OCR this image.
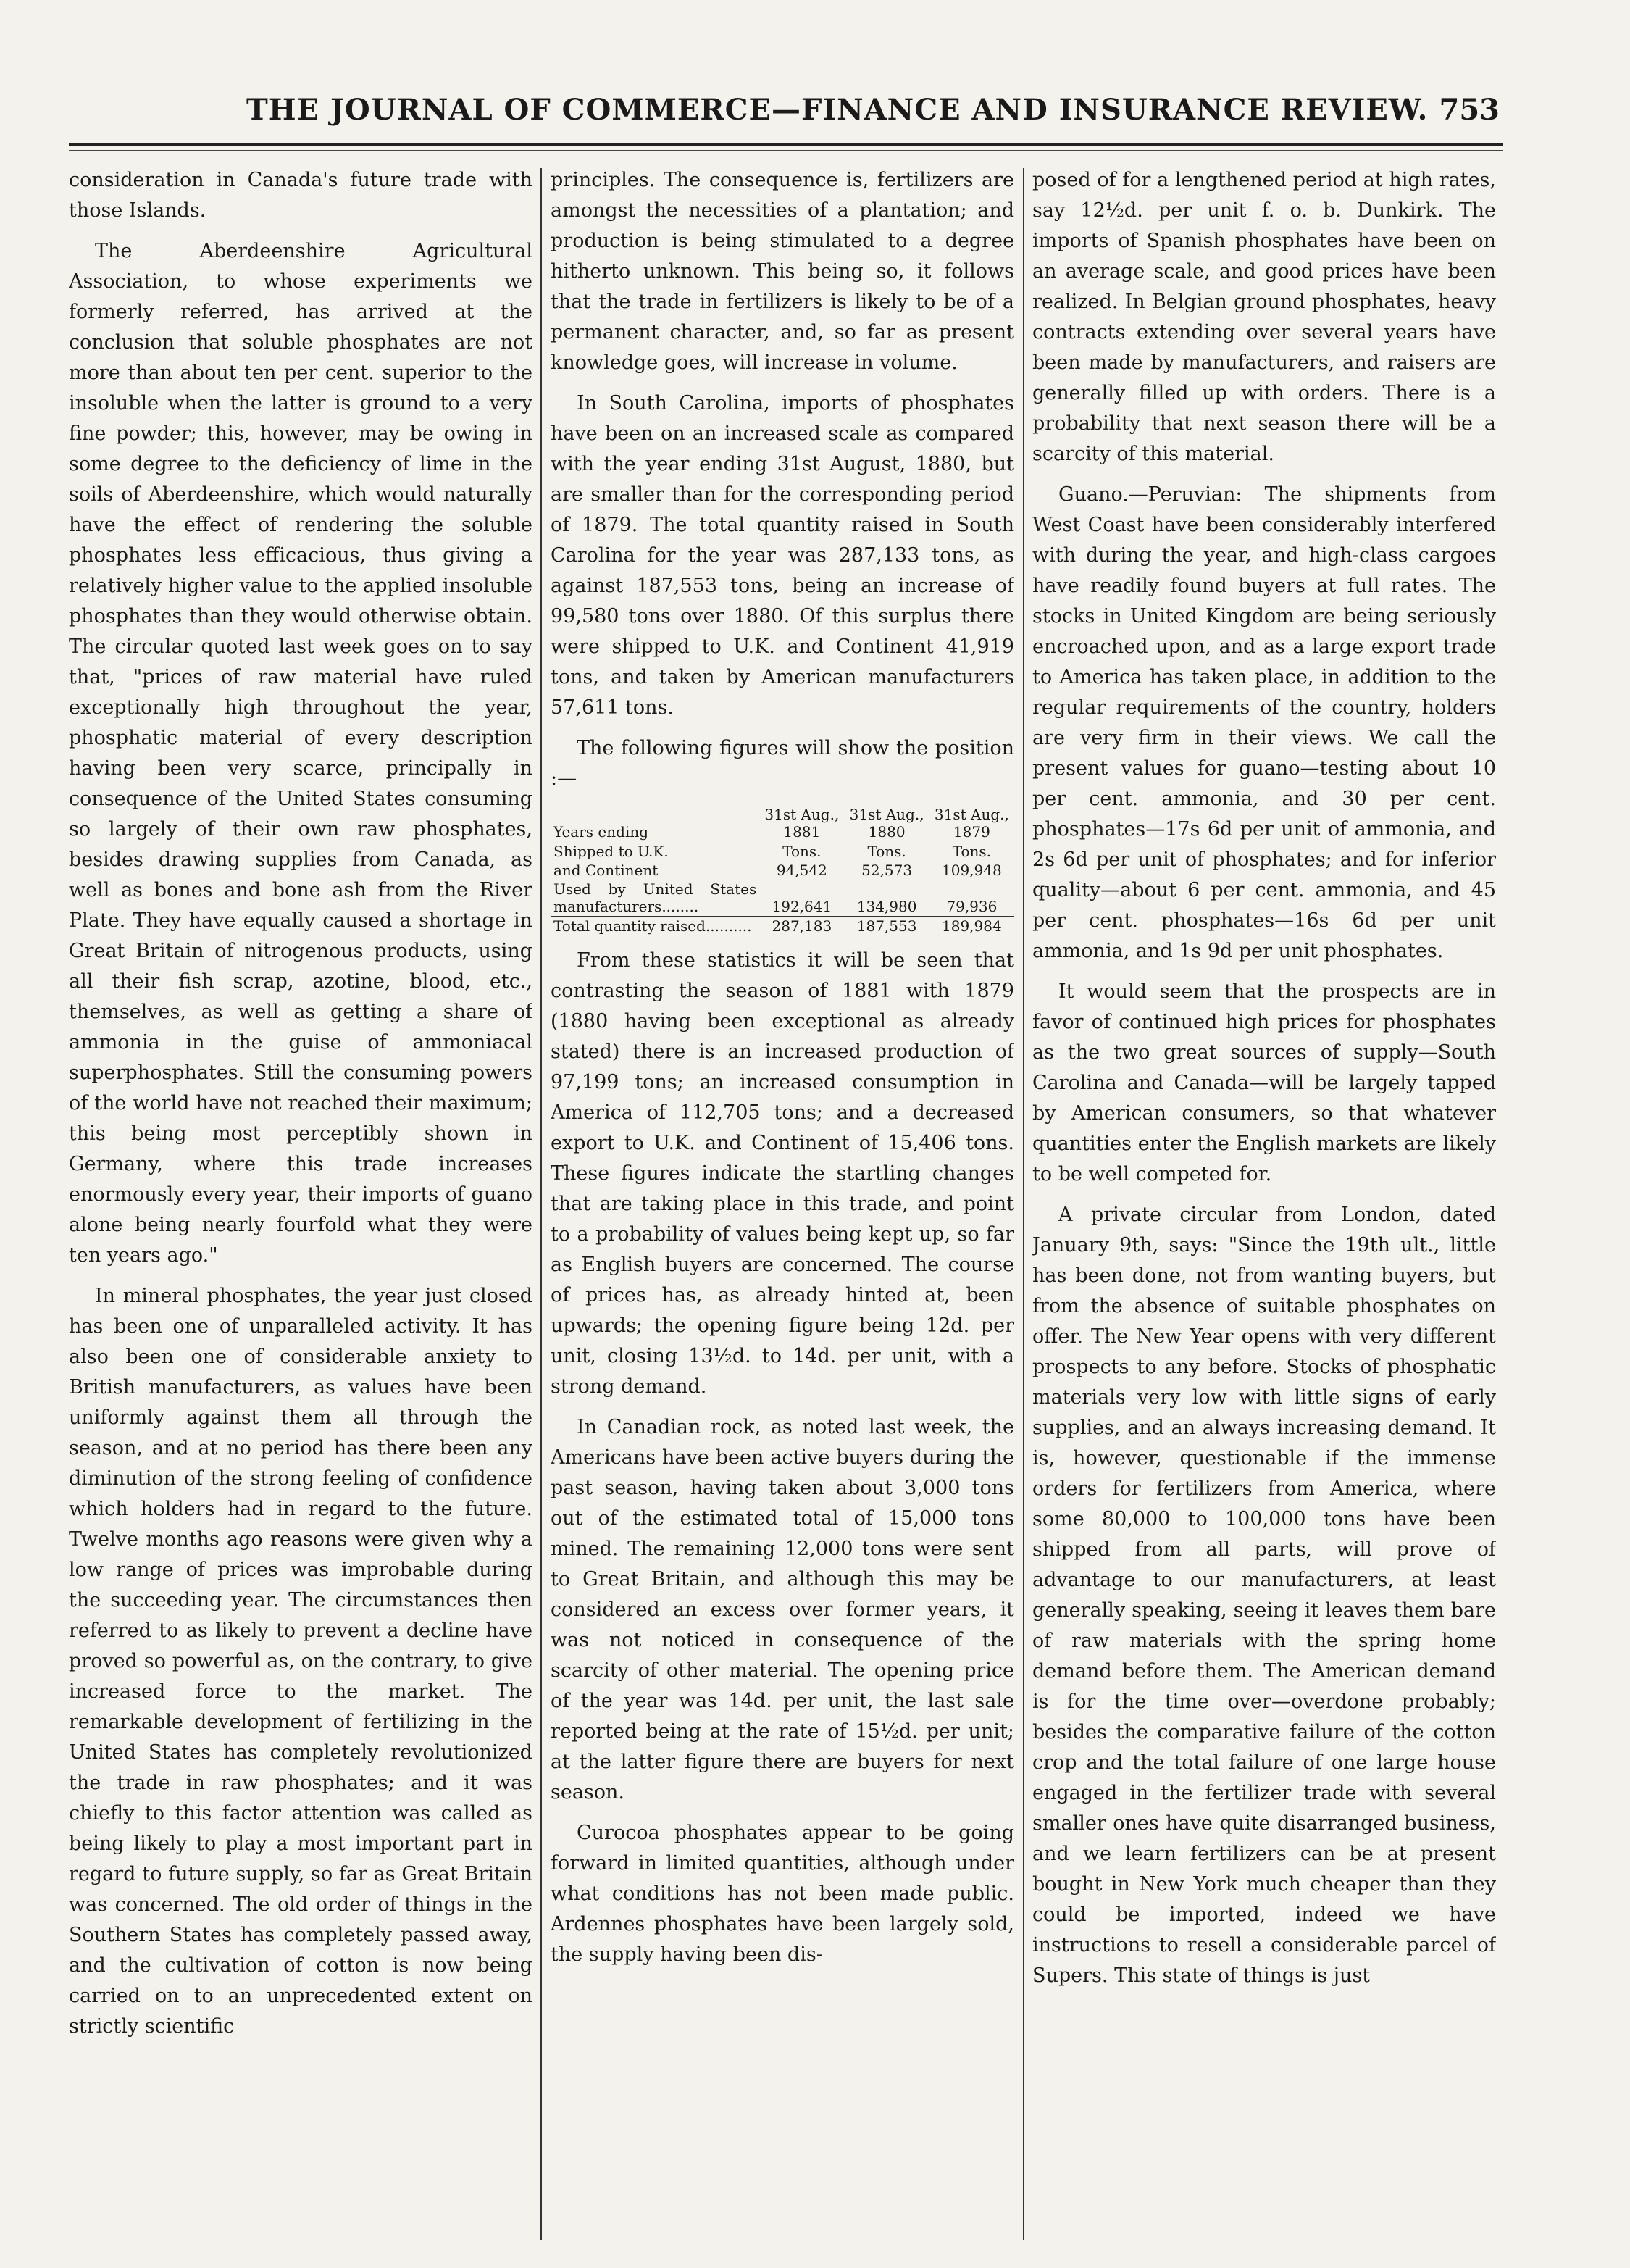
THE JOURNAL OF COMMERCE—FINANCE AND INSURANCE REVIEW. 753

consideration in Canada's future trade with those Islands.

The Aberdeenshire Agricultural Association, to whose experiments we formerly referred, has arrived at the conclusion that soluble phosphates are not more than about ten per cent. superior to the insoluble when the latter is ground to a very fine powder; this, however, may be owing in some degree to the deficiency of lime in the soils of Aberdeenshire, which would naturally have the effect of rendering the soluble phosphates less efficacious, thus giving a relatively higher value to the applied insoluble phosphates than they would otherwise obtain. The circular quoted last week goes on to say that, "prices of raw material have ruled exceptionally high throughout the year, phosphatic material of every description having been very scarce, principally in consequence of the United States consuming so largely of their own raw phosphates, besides drawing supplies from Canada, as well as bones and bone ash from the River Plate. They have equally caused a shortage in Great Britain of nitrogenous products, using all their fish scrap, azotine, blood, etc., themselves, as well as getting a share of ammonia in the guise of ammoniacal superphosphates. Still the consuming powers of the world have not reached their maximum; this being most perceptibly shown in Germany, where this trade increases enormously every year, their imports of guano alone being nearly fourfold what they were ten years ago."

In mineral phosphates, the year just closed has been one of unparalleled activity. It has also been one of considerable anxiety to British manufacturers, as values have been uniformly against them all through the season, and at no period has there been any diminution of the strong feeling of confidence which holders had in regard to the future. Twelve months ago reasons were given why a low range of prices was improbable during the succeeding year. The circumstances then referred to as likely to prevent a decline have proved so powerful as, on the contrary, to give increased force to the market. The remarkable development of fertilizing in the United States has completely revolutionized the trade in raw phosphates; and it was chiefly to this factor attention was called as being likely to play a most important part in regard to future supply, so far as Great Britain was concerned. The old order of things in the Southern States has completely passed away, and the cultivation of cotton is now being carried on to an unprecedented extent on strictly scientific

principles. The consequence is, fertilizers are amongst the necessities of a plantation; and production is being stimulated to a degree hitherto unknown. This being so, it follows that the trade in fertilizers is likely to be of a permanent character, and, so far as present knowledge goes, will increase in volume.

In South Carolina, imports of phosphates have been on an increased scale as compared with the year ending 31st August, 1880, but are smaller than for the corresponding period of 1879. The total quantity raised in South Carolina for the year was 287,133 tons, as against 187,553 tons, being an increase of 99,580 tons over 1880. Of this surplus there were shipped to U.K. and Continent 41,919 tons, and taken by American manufacturers 57,611 tons.

The following figures will show the position :—

Years ending	31st Aug., 1881	31st Aug., 1880	31st Aug., 1879
Shipped to U.K.	Tons.	Tons.	Tons.
and Continent	94,542	52,573	109,948
Used by United States manufacturers........	192,641	134,980	79,936
Total quantity raised..........	287,183	187,553	189,984

From these statistics it will be seen that contrasting the season of 1881 with 1879 (1880 having been exceptional as already stated) there is an increased production of 97,199 tons; an increased consumption in America of 112,705 tons; and a decreased export to U.K. and Continent of 15,406 tons. These figures indicate the startling changes that are taking place in this trade, and point to a probability of values being kept up, so far as English buyers are concerned. The course of prices has, as already hinted at, been upwards; the opening figure being 12d. per unit, closing 13½d. to 14d. per unit, with a strong demand.

In Canadian rock, as noted last week, the Americans have been active buyers during the past season, having taken about 3,000 tons out of the estimated total of 15,000 tons mined. The remaining 12,000 tons were sent to Great Britain, and although this may be considered an excess over former years, it was not noticed in consequence of the scarcity of other material. The opening price of the year was 14d. per unit, the last sale reported being at the rate of 15½d. per unit; at the latter figure there are buyers for next season.

Curocoa phosphates appear to be going forward in limited quantities, although under what conditions has not been made public. Ardennes phosphates have been largely sold, the supply having been dis-

posed of for a lengthened period at high rates, say 12½d. per unit f. o. b. Dunkirk. The imports of Spanish phosphates have been on an average scale, and good prices have been realized. In Belgian ground phosphates, heavy contracts extending over several years have been made by manufacturers, and raisers are generally filled up with orders. There is a probability that next season there will be a scarcity of this material.

Guano.—Peruvian: The shipments from West Coast have been considerably interfered with during the year, and high-class cargoes have readily found buyers at full rates. The stocks in United Kingdom are being seriously encroached upon, and as a large export trade to America has taken place, in addition to the regular requirements of the country, holders are very firm in their views. We call the present values for guano—testing about 10 per cent. ammonia, and 30 per cent. phosphates—17s 6d per unit of ammonia, and 2s 6d per unit of phosphates; and for inferior quality—about 6 per cent. ammonia, and 45 per cent. phosphates—16s 6d per unit ammonia, and 1s 9d per unit phosphates.

It would seem that the prospects are in favor of continued high prices for phosphates as the two great sources of supply—South Carolina and Canada—will be largely tapped by American consumers, so that whatever quantities enter the English markets are likely to be well competed for.

A private circular from London, dated January 9th, says: "Since the 19th ult., little has been done, not from wanting buyers, but from the absence of suitable phosphates on offer. The New Year opens with very different prospects to any before. Stocks of phosphatic materials very low with little signs of early supplies, and an always increasing demand. It is, however, questionable if the immense orders for fertilizers from America, where some 80,000 to 100,000 tons have been shipped from all parts, will prove of advantage to our manufacturers, at least generally speaking, seeing it leaves them bare of raw materials with the spring home demand before them. The American demand is for the time over—overdone probably; besides the comparative failure of the cotton crop and the total failure of one large house engaged in the fertilizer trade with several smaller ones have quite disarranged business, and we learn fertilizers can be at present bought in New York much cheaper than they could be imported, indeed we have instructions to resell a considerable parcel of Supers. This state of things is just
